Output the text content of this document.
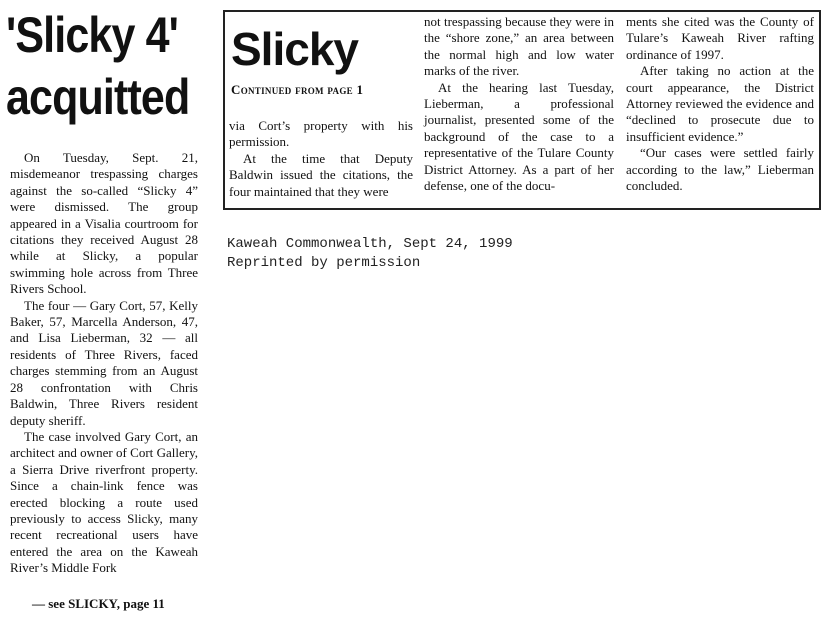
'Slicky 4'
acquitted

On Tuesday, Sept. 21, misdemeanor trespassing charges against the so-called “Slicky 4” were dismissed. The group appeared in a Visalia courtroom for citations they received August 28 while at Slicky, a popular swimming hole across from Three Rivers School.

The four — Gary Cort, 57, Kelly Baker, 57, Marcella Anderson, 47, and Lisa Lieberman, 32 — all residents of Three Rivers, faced charges stemming from an August 28 confrontation with Chris Baldwin, Three Rivers resident deputy sheriff.

The case involved Gary Cort, an architect and owner of Cort Gallery, a Sierra Drive riverfront property. Since a chain-link fence was erected blocking a route used previously to access Slicky, many recent recreational users have entered the area on the Kaweah River’s Middle Fork

— see SLICKY, page 11
Slicky
Continued from page 1

via Cort’s property with his permission.

At the time that Deputy Baldwin issued the citations, the four maintained that they were

not trespassing because they were in the “shore zone,” an area between the normal high and low water marks of the river.

At the hearing last Tuesday, Lieberman, a professional journalist, presented some of the background of the case to a representative of the Tulare County District Attorney. As a part of her defense, one of the docu-

ments she cited was the County of Tulare’s Kaweah River rafting ordinance of 1997.

After taking no action at the court appearance, the District Attorney reviewed the evidence and “declined to prosecute due to insufficient evidence.”

“Our cases were settled fairly according to the law,” Lieberman concluded.

Kaweah Commonwealth, Sept 24, 1999
Reprinted by permission
